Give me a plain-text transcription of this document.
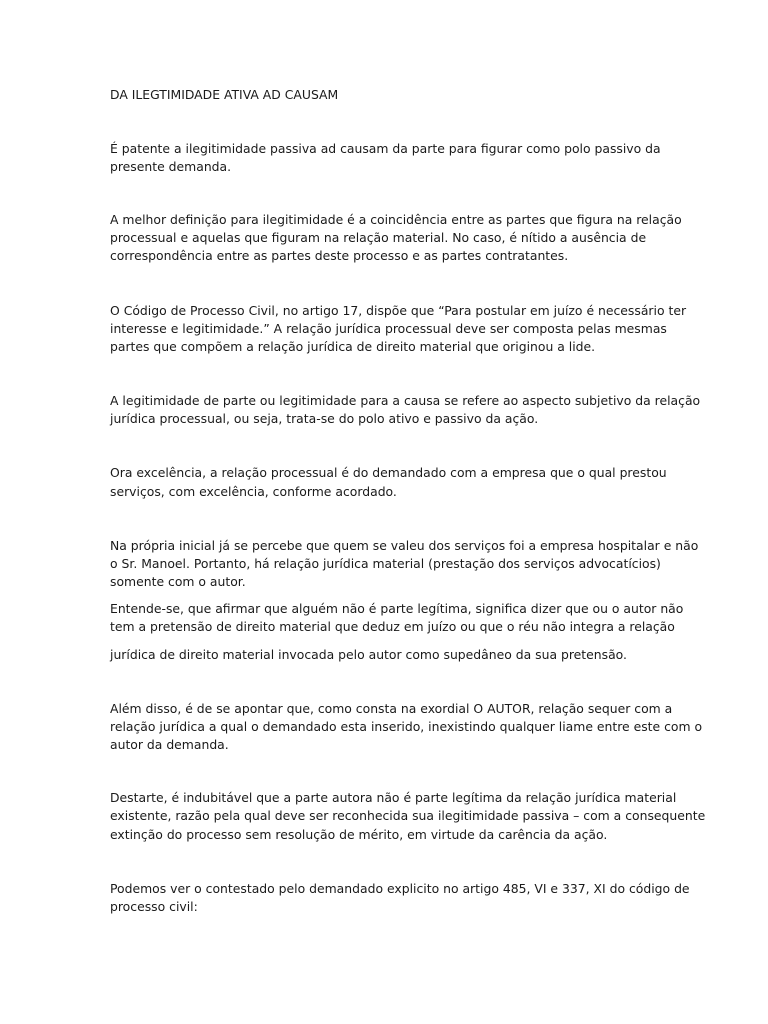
DA ILEGTIMIDADE ATIVA AD CAUSAM
É patente a ilegitimidade passiva ad causam da parte para figurar como polo passivo da
presente demanda.
A melhor definição para ilegitimidade é a coincidência entre as partes que figura na relação
processual e aquelas que figuram na relação material. No caso, é nítido a ausência de
correspondência entre as partes deste processo e as partes contratantes.
O Código de Processo Civil, no artigo 17, dispõe que “Para postular em juízo é necessário ter
interesse e legitimidade.” A relação jurídica processual deve ser composta pelas mesmas
partes que compõem a relação jurídica de direito material que originou a lide.
A legitimidade de parte ou legitimidade para a causa se refere ao aspecto subjetivo da relação
jurídica processual, ou seja, trata-se do polo ativo e passivo da ação.
Ora excelência, a relação processual é do demandado com a empresa que o qual prestou
serviços, com excelência, conforme acordado.
Na própria inicial já se percebe que quem se valeu dos serviços foi a empresa hospitalar e não
o Sr. Manoel. Portanto, há relação jurídica material (prestação dos serviços advocatícios)
somente com o autor.
Entende-se, que afirmar que alguém não é parte legítima, significa dizer que ou o autor não
tem a pretensão de direito material que deduz em juízo ou que o réu não integra a relação
jurídica de direito material invocada pelo autor como supedâneo da sua pretensão.
Além disso, é de se apontar que, como consta na exordial O AUTOR, relação sequer com a
relação jurídica a qual o demandado esta inserido, inexistindo qualquer liame entre este com o
autor da demanda.
Destarte, é indubitável que a parte autora não é parte legítima da relação jurídica material
existente, razão pela qual deve ser reconhecida sua ilegitimidade passiva – com a consequente
extinção do processo sem resolução de mérito, em virtude da carência da ação.
Podemos ver o contestado pelo demandado explicito no artigo 485, VI e 337, XI do código de
processo civil:
